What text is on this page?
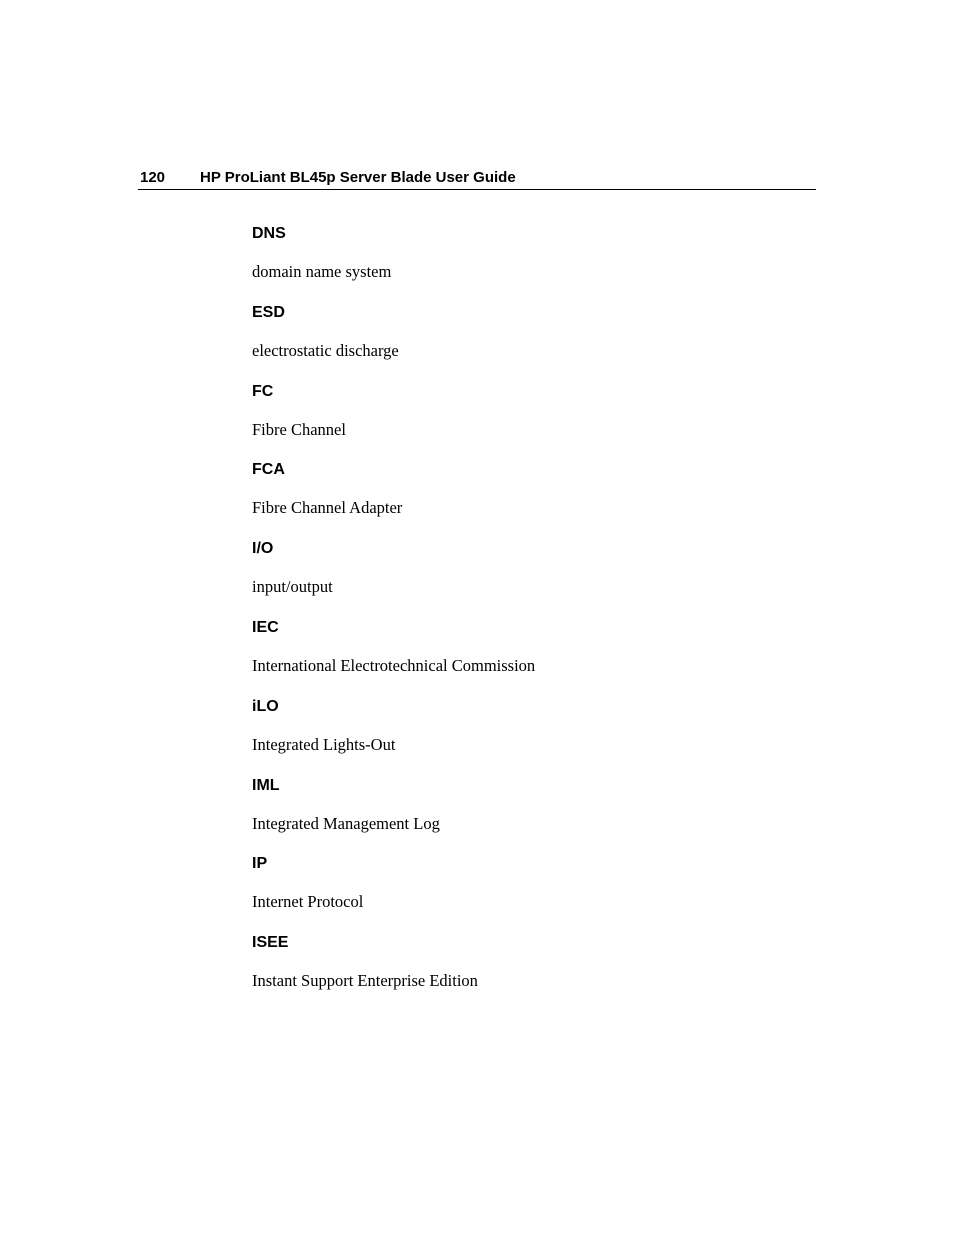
120 HP ProLiant BL45p Server Blade User Guide
DNS
domain name system
ESD
electrostatic discharge
FC
Fibre Channel
FCA
Fibre Channel Adapter
I/O
input/output
IEC
International Electrotechnical Commission
iLO
Integrated Lights-Out
IML
Integrated Management Log
IP
Internet Protocol
ISEE
Instant Support Enterprise Edition
